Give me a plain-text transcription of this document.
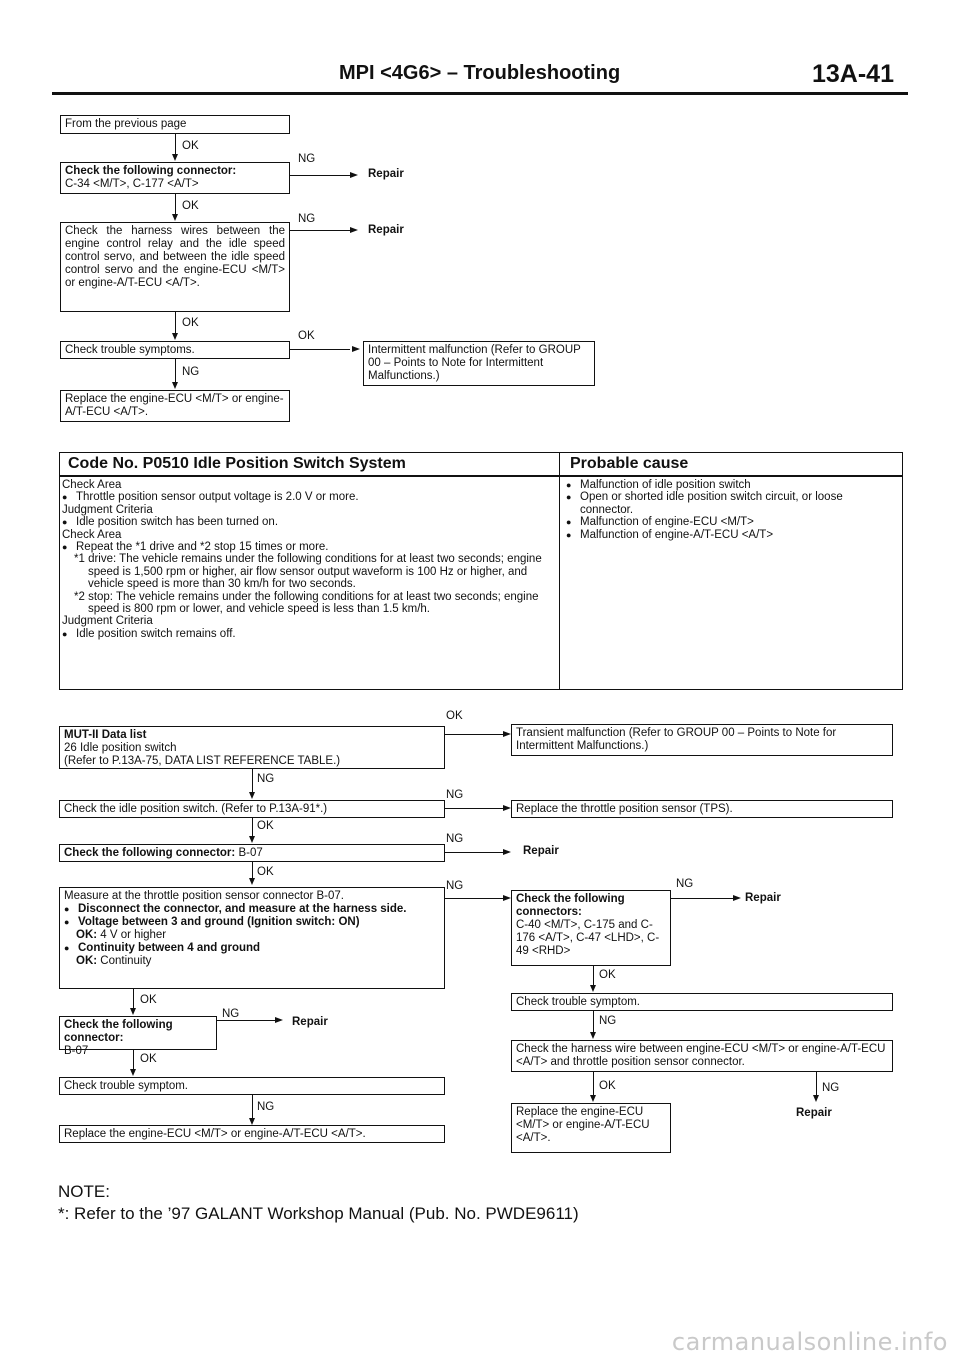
MPI <4G6> – Troubleshooting	13A-41
From the previous page
OK
Check the following connector:
C-34 <M/T>, C-177 <A/T>
NG
Repair
OK
Check the harness wires between the engine control relay and the idle speed control servo, and between the idle speed control servo and the engine-ECU <M/T> or engine-A/T-ECU <A/T>.
NG
Repair
OK
Check trouble symptoms.
OK
Intermittent malfunction (Refer to GROUP 00 – Points to Note for Intermittent Malfunctions.)
NG
Replace the engine-ECU <M/T> or engine-A/T-ECU <A/T>.
Code No. P0510 Idle Position Switch System	Probable cause
Check Area
● Throttle position sensor output voltage is 2.0 V or more.
Judgment Criteria
● Idle position switch has been turned on.
Check Area
● Repeat the *1 drive and *2 stop 15 times or more.
*1 drive: The vehicle remains under the following conditions for at least two seconds; engine speed is 1,500 rpm or higher, air flow sensor output waveform is 100 Hz or higher, and vehicle speed is more than 30 km/h for two seconds.
*2 stop: The vehicle remains under the following conditions for at least two seconds; engine speed is 800 rpm or lower, and vehicle speed is less than 1.5 km/h.
Judgment Criteria
● Idle position switch remains off.
● Malfunction of idle position switch
● Open or shorted idle position switch circuit, or loose connector.
● Malfunction of engine-ECU <M/T>
● Malfunction of engine-A/T-ECU <A/T>
MUT-II Data list
26 Idle position switch
(Refer to P.13A-75, DATA LIST REFERENCE TABLE.)
OK
Transient malfunction (Refer to GROUP 00 – Points to Note for Intermittent Malfunctions.)
NG
Check the idle position switch. (Refer to P.13A-91*.)
NG
Replace the throttle position sensor (TPS).
OK
Check the following connector: B-07
NG
Repair
OK
Measure at the throttle position sensor connector B-07.
● Disconnect the connector, and measure at the harness side.
● Voltage between 3 and ground (Ignition switch: ON)
OK: 4 V or higher
● Continuity between 4 and ground
OK: Continuity
NG
Check the following connectors:
C-40 <M/T>, C-175 and C-176 <A/T>, C-47 <LHD>, C-49 <RHD>
NG
Repair
OK
Check trouble symptom.
NG
Check the harness wire between engine-ECU <M/T> or engine-A/T-ECU <A/T> and throttle position sensor connector.
OK	NG
Repair
Replace the engine-ECU <M/T> or engine-A/T-ECU <A/T>.
OK
Check the following connector:
B-07
NG
Repair
OK
Check trouble symptom.
NG
Replace the engine-ECU <M/T> or engine-A/T-ECU <A/T>.
NOTE:
*: Refer to the ’97 GALANT Workshop Manual (Pub. No. PWDE9611)
carmanualsonline.info
